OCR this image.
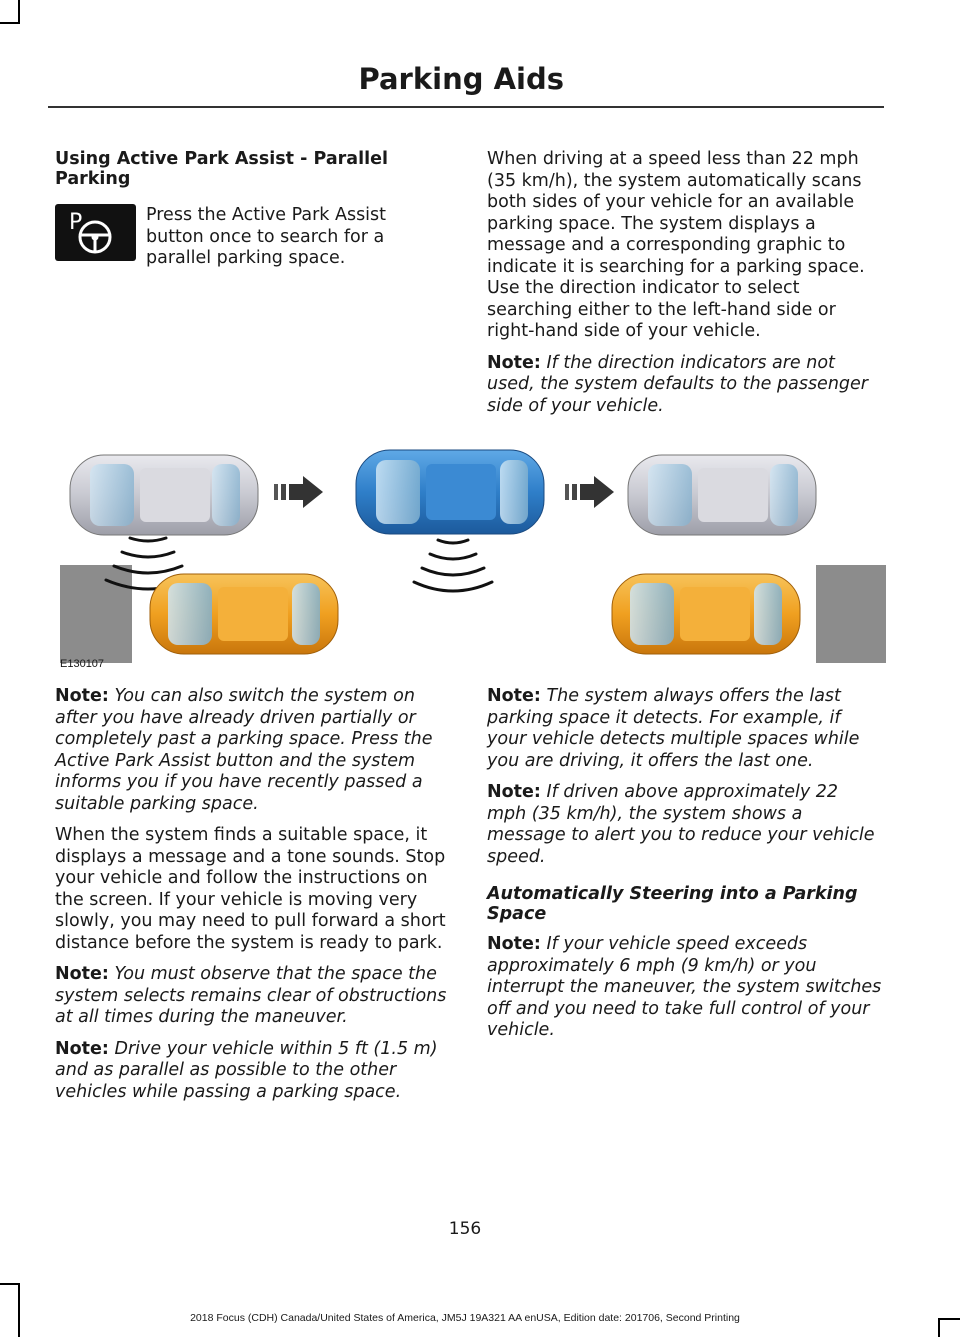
Parking Aids
Using Active Park Assist - Parallel Parking
P	Press the Active Park Assist button once to search for a parallel parking space.

When driving at a speed less than 22 mph (35 km/h), the system automatically scans both sides of your vehicle for an available parking space. The system displays a message and a corresponding graphic to indicate it is searching for a parking space. Use the direction indicator to select searching either to the left-hand side or right-hand side of your vehicle.

Note: If the direction indicators are not used, the system defaults to the passenger side of your vehicle.

E130107

Note: You can also switch the system on after you have already driven partially or completely past a parking space. Press the Active Park Assist button and the system informs you if you have recently passed a suitable parking space.

When the system finds a suitable space, it displays a message and a tone sounds. Stop your vehicle and follow the instructions on the screen. If your vehicle is moving very slowly, you may need to pull forward a short distance before the system is ready to park.

Note: You must observe that the space the system selects remains clear of obstructions at all times during the maneuver.

Note: Drive your vehicle within 5 ft (1.5 m) and as parallel as possible to the other vehicles while passing a parking space.

Note: The system always offers the last parking space it detects. For example, if your vehicle detects multiple spaces while you are driving, it offers the last one.

Note: If driven above approximately 22 mph (35 km/h), the system shows a message to alert you to reduce your vehicle speed.

Automatically Steering into a Parking Space

Note: If your vehicle speed exceeds approximately 6 mph (9 km/h) or you interrupt the maneuver, the system switches off and you need to take full control of your vehicle.

156
2018 Focus (CDH) Canada/United States of America, JM5J 19A321 AA enUSA, Edition date: 201706, Second Printing
